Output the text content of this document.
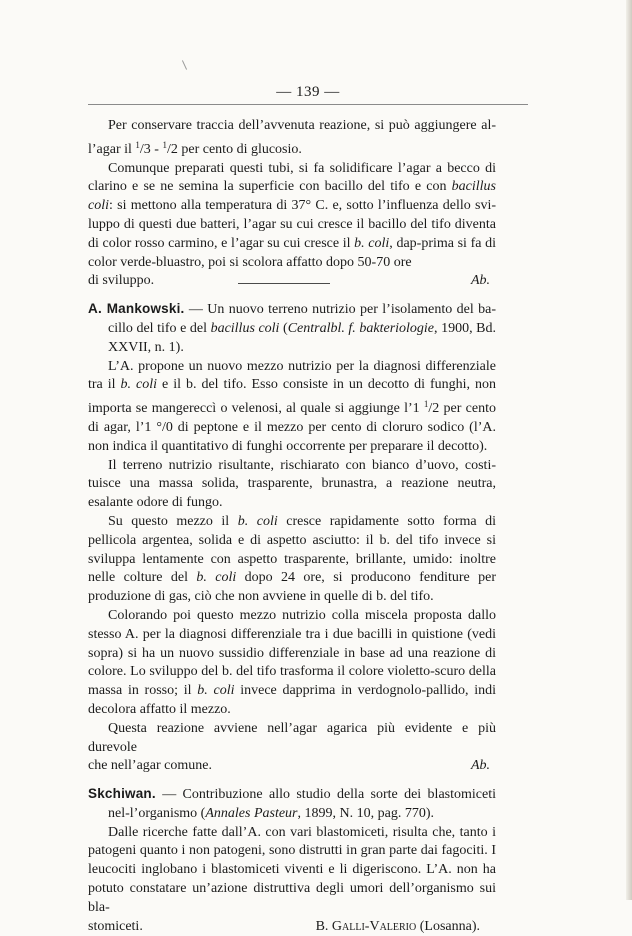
— 139 —

Per conservare traccia dell’avvenuta reazione, si può aggiungere al-l’agar il $^1$/3 - $^1$/2 per cento di glucosio.

Comunque preparati questi tubi, si fa solidificare l’agar a becco di clarino e se ne semina la superficie con bacillo del tifo e con bacillus coli: si mettono alla temperatura di 37° C. e, sotto l’influenza dello svi-luppo di questi due batteri, l’agar su cui cresce il bacillo del tifo diventa di color rosso carmino, e l’agar su cui cresce il b. coli, dap-prima si fa di color verde-bluastro, poi si scolora affatto dopo 50-70 ore

di sviluppo.	Ab.

A. Mankowski. — Un nuovo terreno nutrizio per l’isolamento del ba-cillo del tifo e del bacillus coli (Centralbl. f. bakteriologie, 1900, Bd. XXVII, n. 1).

L’A. propone un nuovo mezzo nutrizio per la diagnosi differenziale tra il b. coli e il b. del tifo. Esso consiste in un decotto di funghi, non importa se mangereccì o velenosi, al quale si aggiunge l’1 $^1$/2 per cento di agar, l’1 °/0 di peptone e il mezzo per cento di cloruro sodico (l’A. non indica il quantitativo di funghi occorrente per preparare il decotto).

Il terreno nutrizio risultante, rischiarato con bianco d’uovo, costi-tuisce una massa solida, trasparente, brunastra, a reazione neutra, esalante odore di fungo.

Su questo mezzo il b. coli cresce rapidamente sotto forma di pellicola argentea, solida e di aspetto asciutto: il b. del tifo invece si sviluppa lentamente con aspetto trasparente, brillante, umido: inoltre nelle colture del b. coli dopo 24 ore, si producono fenditure per produzione di gas, ciò che non avviene in quelle di b. del tifo.

Colorando poi questo mezzo nutrizio colla miscela proposta dallo stesso A. per la diagnosi differenziale tra i due bacilli in quistione (vedi sopra) si ha un nuovo sussidio differenziale in base ad una reazione di colore. Lo sviluppo del b. del tifo trasforma il colore violetto-scuro della massa in rosso; il b. coli invece dapprima in verdognolo-pallido, indi decolora affatto il mezzo.

Questa reazione avviene nell’agar agarica più evidente e più durevole

che nell’agar comune.	Ab.

Skchiwan. — Contribuzione allo studio della sorte dei blastomiceti nel-l’organismo (Annales Pasteur, 1899, N. 10, pag. 770).

Dalle ricerche fatte dall’A. con vari blastomiceti, risulta che, tanto i patogeni quanto i non patogeni, sono distrutti in gran parte dai fagociti. I leucociti inglobano i blastomiceti viventi e li digeriscono. L’A. non ha potuto constatare un’azione distruttiva degli umori dell’organismo sui bla-

stomiceti.	B. Galli-Valerio (Losanna).
